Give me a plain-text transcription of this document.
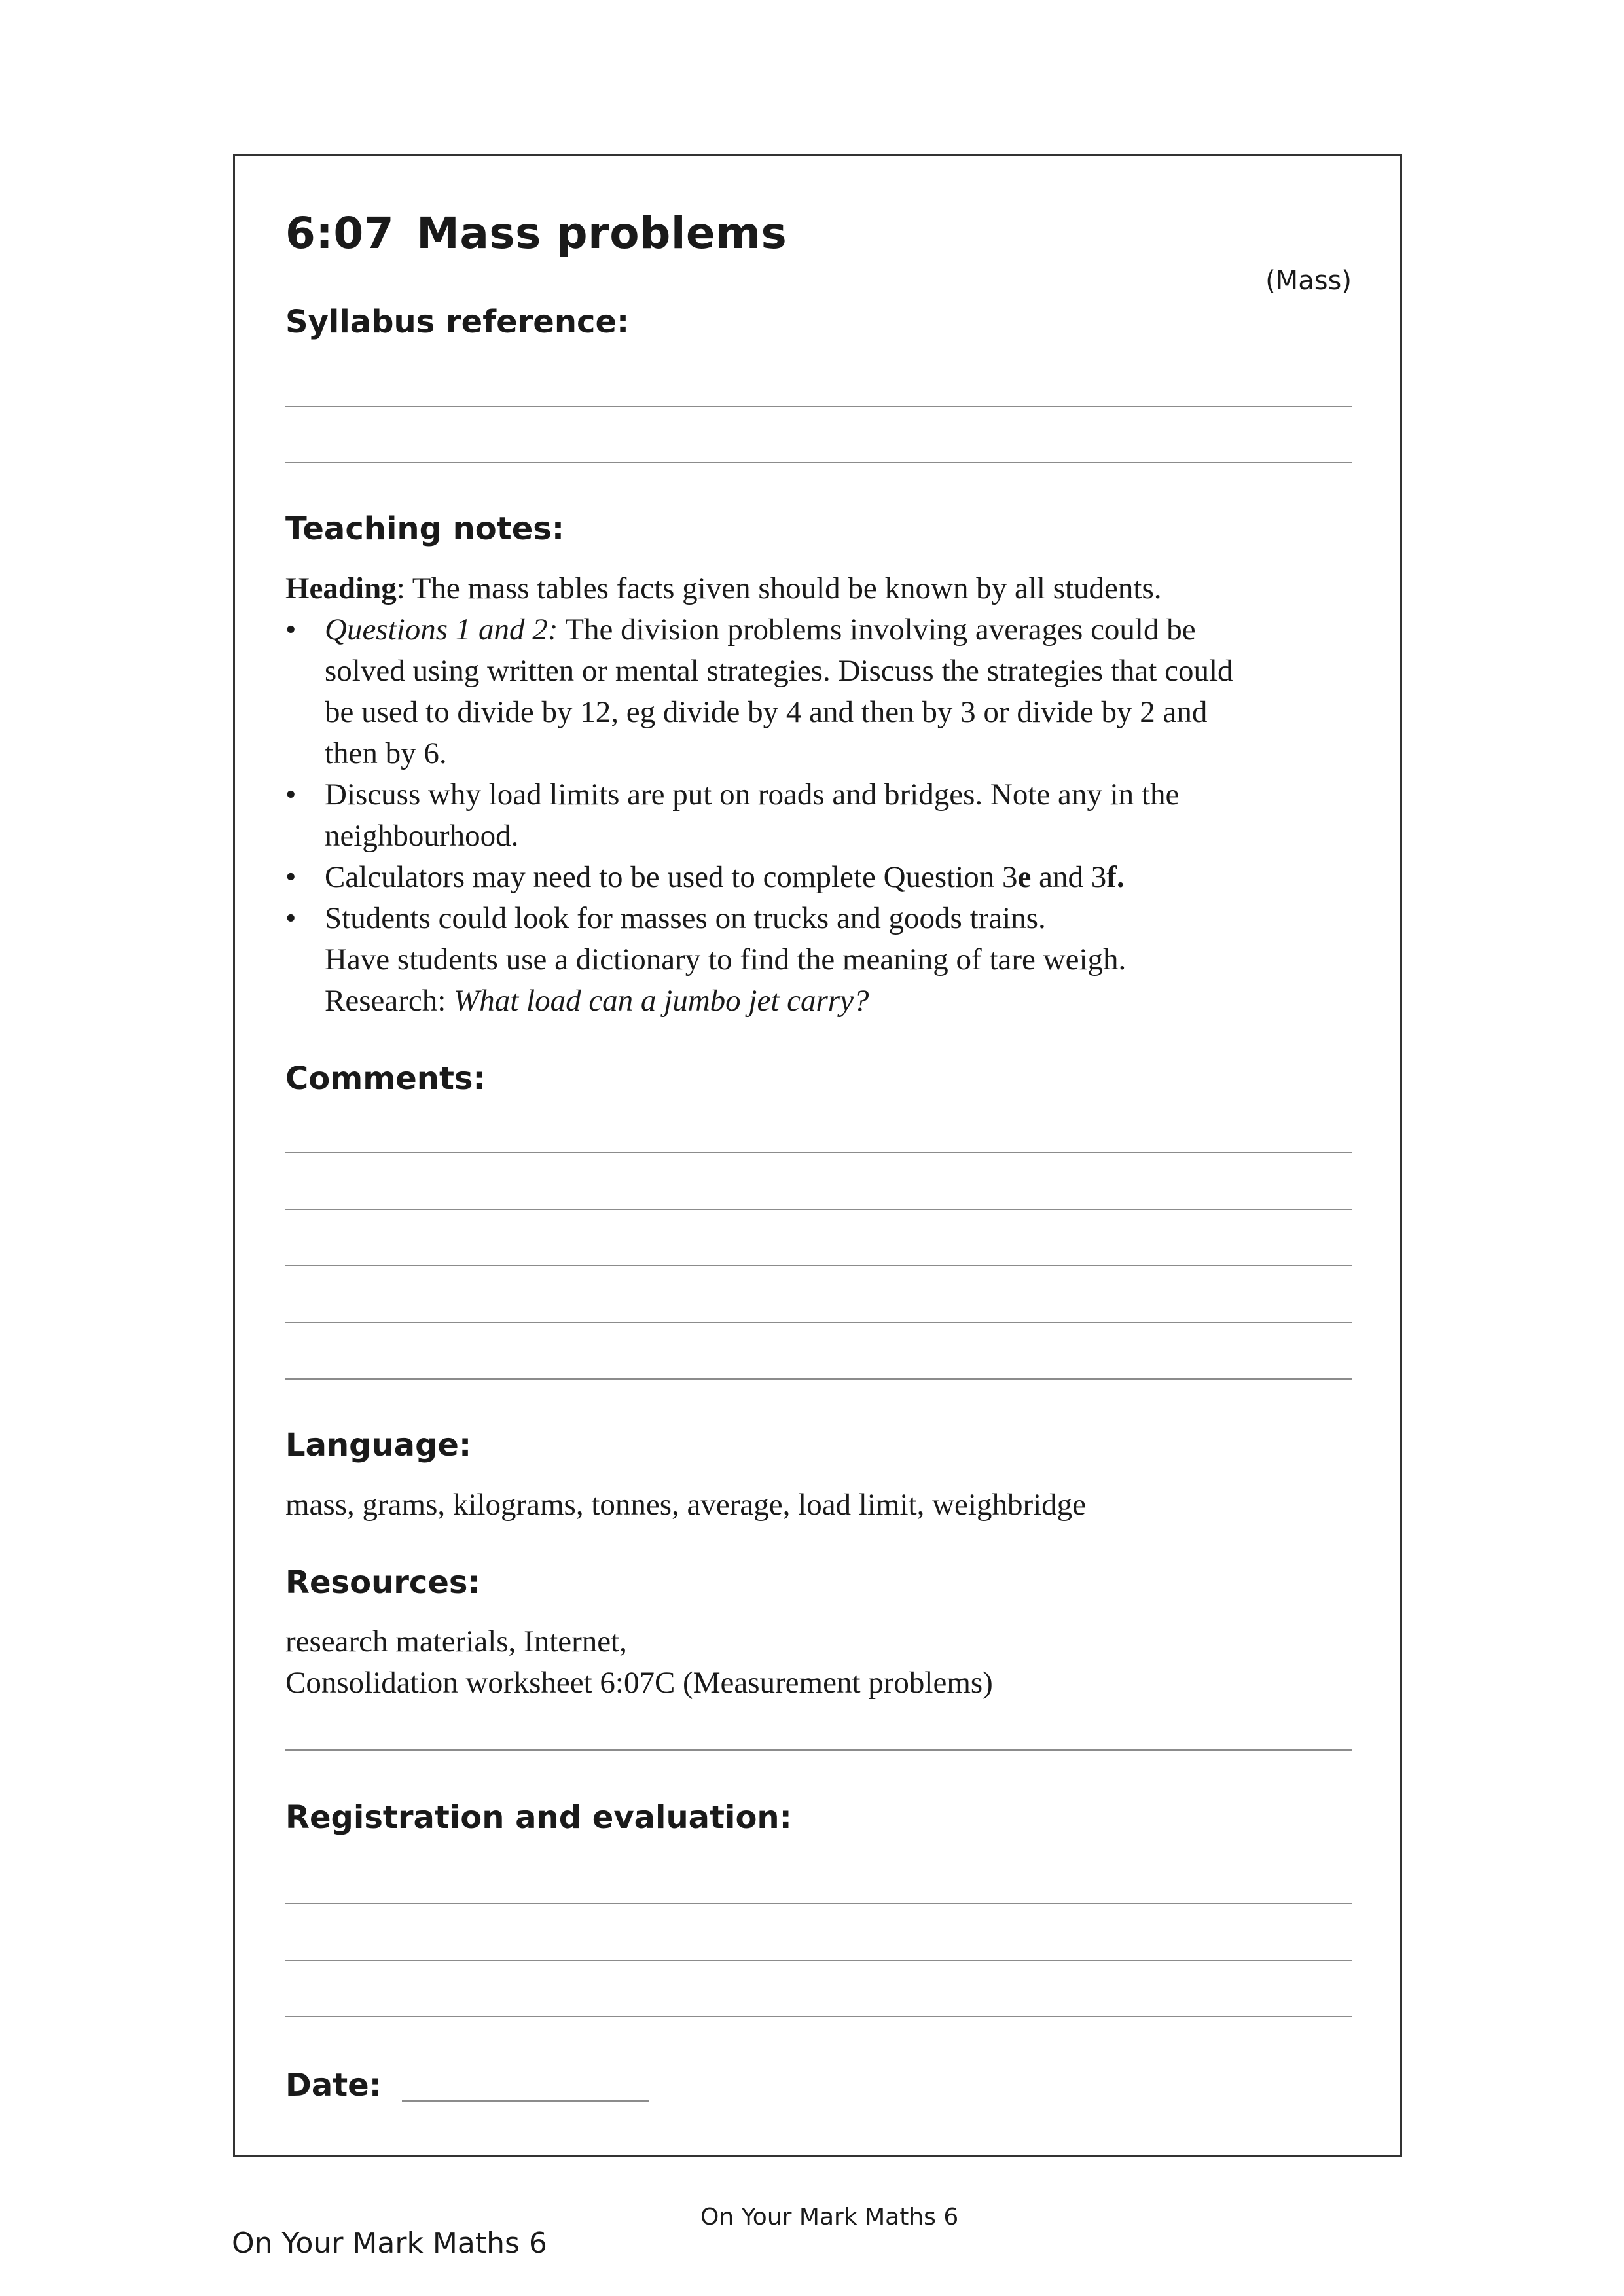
6:07 Mass problems
(Mass)
Syllabus reference:
Teaching notes:

Heading: The mass tables facts given should be known by all students.

• Questions 1 and 2: The division problems involving averages could be
solved using written or mental strategies. Discuss the strategies that could
be used to divide by 12, eg divide by 4 and then by 3 or divide by 2 and
then by 6.
• Discuss why load limits are put on roads and bridges. Note any in the
neighbourhood.
• Calculators may need to be used to complete Question 3e and 3f.
• Students could look for masses on trucks and goods trains.
Have students use a dictionary to find the meaning of tare weigh.
Research: What load can a jumbo jet carry?
Comments:
Language:
mass, grams, kilograms, tonnes, average, load limit, weighbridge
Resources:
research materials, Internet,
Consolidation worksheet 6:07C (Measurement problems)
Registration and evaluation:
Date:
On Your Mark Maths 6
On Your Mark Maths 6
